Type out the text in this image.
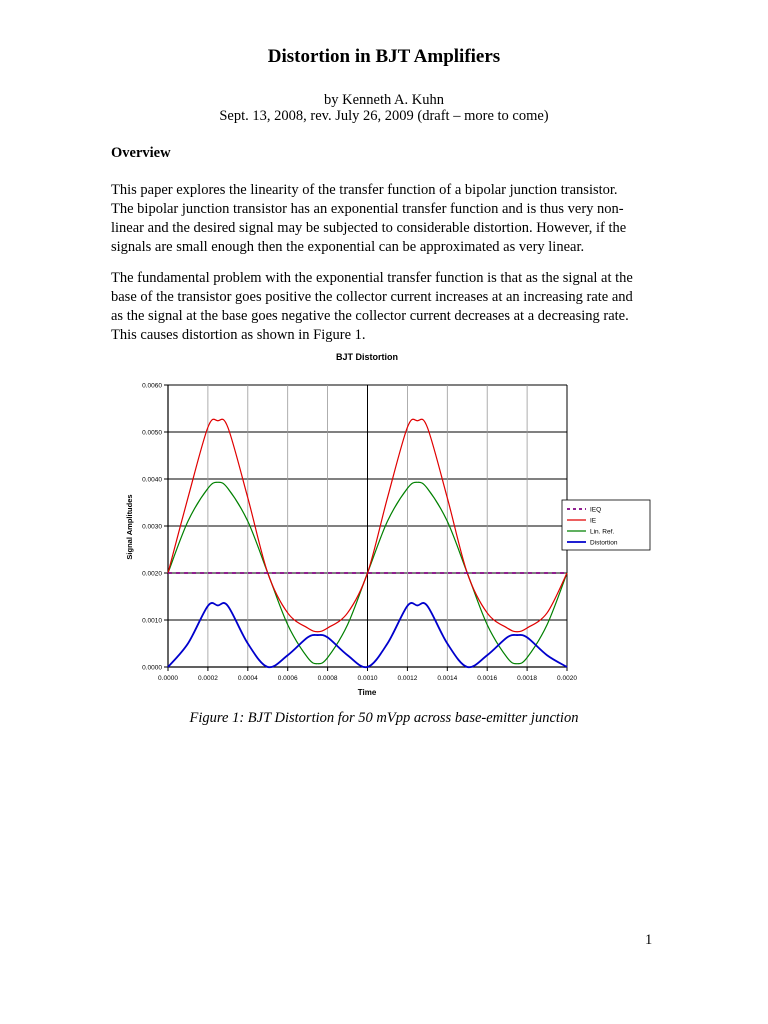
Distortion in BJT Amplifiers
by Kenneth A. Kuhn
Sept. 13, 2008, rev. July 26, 2009 (draft – more to come)
Overview

This paper explores the linearity of the transfer function of a bipolar junction transistor.
The bipolar junction transistor has an exponential transfer function and is thus very non-
linear and the desired signal may be subjected to considerable distortion. However, if the
signals are small enough then the exponential can be approximated as very linear.

The fundamental problem with the exponential transfer function is that as the signal at the
base of the transistor goes positive the collector current increases at an increasing rate and
as the signal at the base goes negative the collector current decreases at a decreasing rate.
This causes distortion as shown in Figure 1.

BJT Distortion
0.0000
0.0010
0.0020
0.0030
0.0040
0.0050
0.0060
0.0000	0.0002	0.0004	0.0006	0.0008	0.0010	0.0012	0.0014	0.0016	0.0018	0.0020
Time
Signal Amplitudes	IEQ
IE
Lin. Ref.
Distortion
Figure 1: BJT Distortion for 50 mVpp across base-emitter junction
1
